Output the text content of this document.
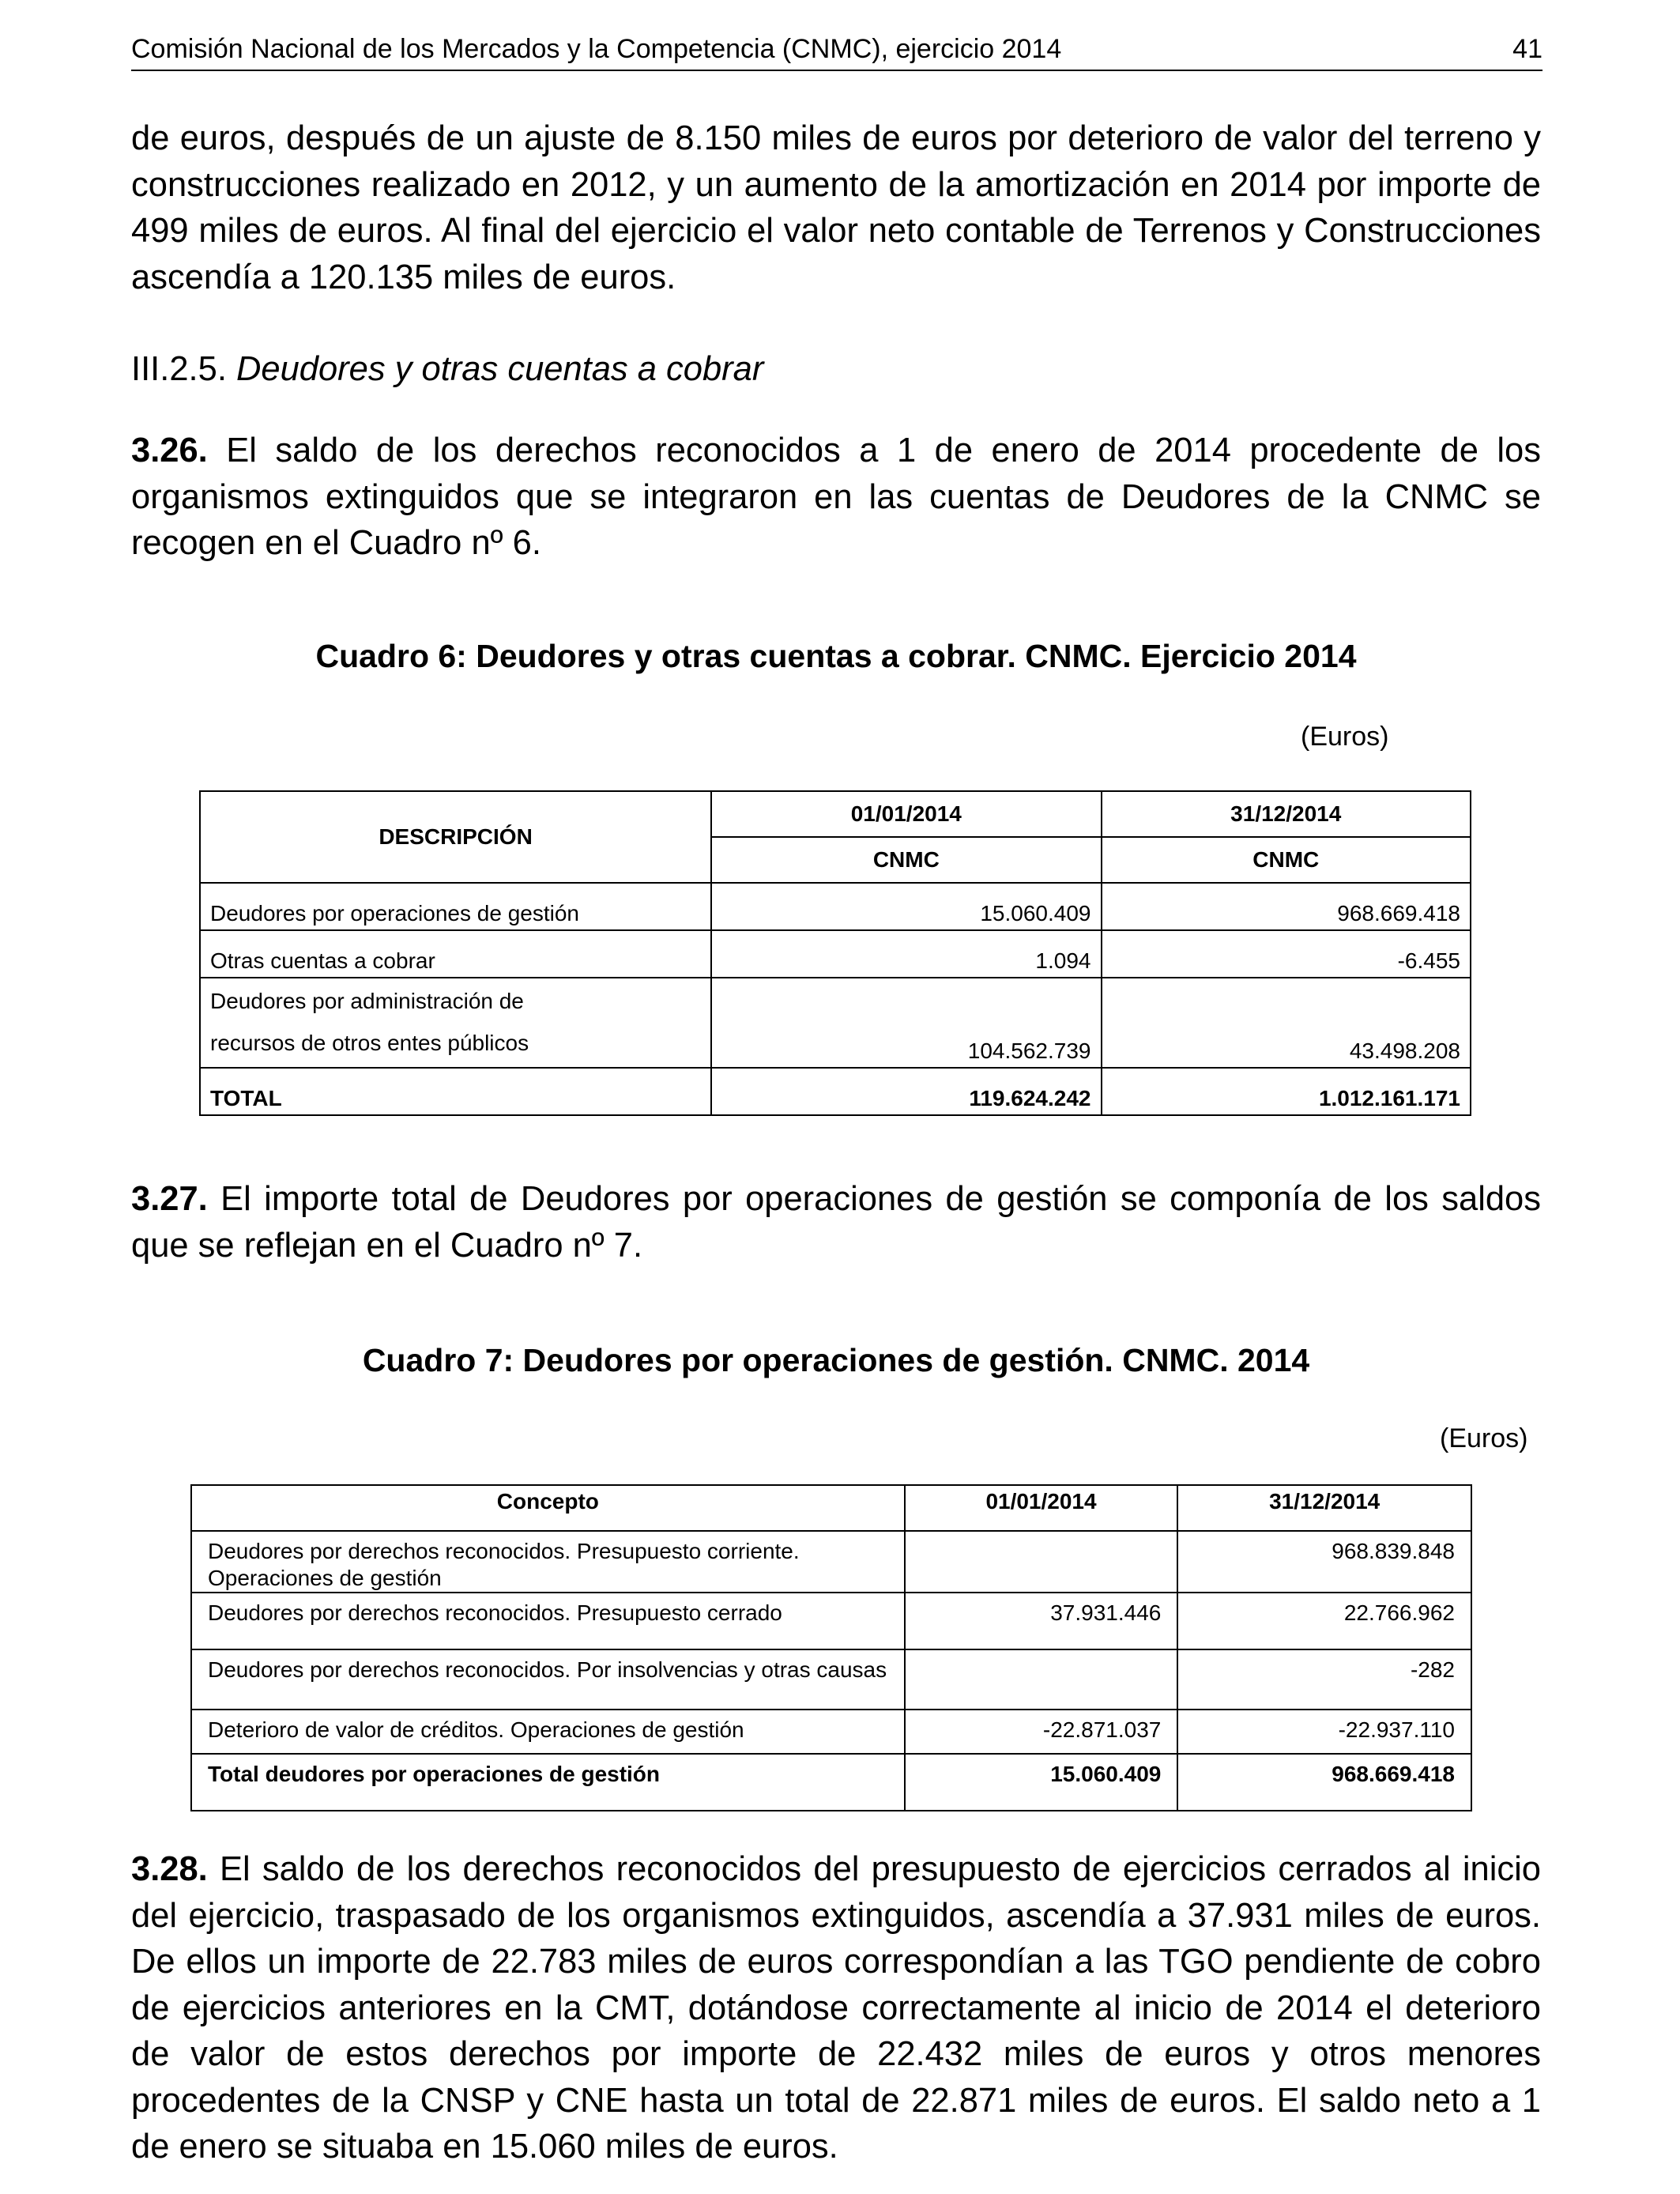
Comisión Nacional de los Mercados y la Competencia (CNMC), ejercicio 2014	41

de euros, después de un ajuste de 8.150 miles de euros por deterioro de valor del terreno y construcciones realizado en 2012, y un aumento de la amortización en 2014 por importe de 499 miles de euros. Al final del ejercicio el valor neto contable de Terrenos y Construcciones ascendía a 120.135 miles de euros.

III.2.5. Deudores y otras cuentas a cobrar

3.26. El saldo de los derechos reconocidos a 1 de enero de 2014 procedente de los organismos extinguidos que se integraron en las cuentas de Deudores de la CNMC se recogen en el Cuadro nº 6.

Cuadro 6: Deudores y otras cuentas a cobrar. CNMC. Ejercicio 2014
(Euros)
DESCRIPCIÓN	01/01/2014	31/12/2014
	CNMC	CNMC
Deudores por operaciones de gestión	15.060.409	968.669.418
Otras cuentas a cobrar	1.094	-6.455
Deudores por administración de
recursos de otros entes públicos	104.562.739	43.498.208
TOTAL	119.624.242	1.012.161.171

3.27. El importe total de Deudores por operaciones de gestión se componía de los saldos que se reflejan en el Cuadro nº 7.

Cuadro 7: Deudores por operaciones de gestión. CNMC. 2014
(Euros)
Concepto	01/01/2014	31/12/2014
Deudores por derechos reconocidos. Presupuesto corriente. Operaciones de gestión		968.839.848
Deudores por derechos reconocidos. Presupuesto cerrado	37.931.446	22.766.962
Deudores por derechos reconocidos. Por insolvencias y otras causas		-282
Deterioro de valor de créditos. Operaciones de gestión	-22.871.037	-22.937.110
Total deudores por operaciones de gestión	15.060.409	968.669.418

3.28. El saldo de los derechos reconocidos del presupuesto de ejercicios cerrados al inicio del ejercicio, traspasado de los organismos extinguidos, ascendía a 37.931 miles de euros. De ellos un importe de 22.783 miles de euros correspondían a las TGO pendiente de cobro de ejercicios anteriores en la CMT, dotándose correctamente al inicio de 2014 el deterioro de valor de estos derechos por importe de 22.432 miles de euros y otros menores procedentes de la CNSP y CNE hasta un total de 22.871 miles de euros. El saldo neto a 1 de enero se situaba en 15.060 miles de euros.
